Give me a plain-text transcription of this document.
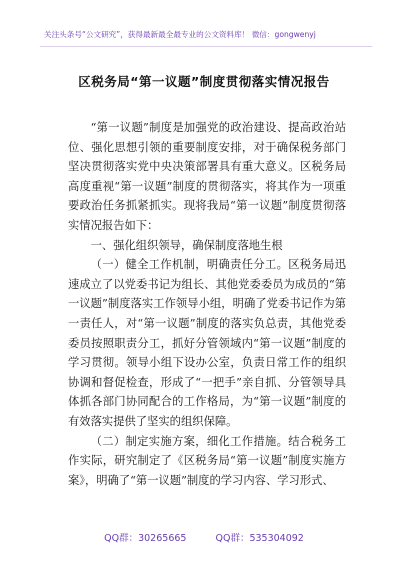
关注头条号“公文研究”，获得最新最全最专业的公文资料库！ 微信：gongwenyj
区税务局“第一议题”制度贯彻落实情况报告

“第一议题”制度是加强党的政治建设、提高政治站位、强化思想引领的重要制度安排，对于确保税务部门坚决贯彻落实党中央决策部署具有重大意义。区税务局高度重视“第一议题”制度的贯彻落实，将其作为一项重要政治任务抓紧抓实。现将我局“第一议题”制度贯彻落实情况报告如下：

一、强化组织领导，确保制度落地生根

（一）健全工作机制，明确责任分工。区税务局迅速成立了以党委书记为组长、其他党委委员为成员的“第一议题”制度落实工作领导小组，明确了党委书记作为第一责任人，对“第一议题”制度的落实负总责，其他党委委员按照职责分工，抓好分管领域内“第一议题”制度的学习贯彻。领导小组下设办公室，负责日常工作的组织协调和督促检查，形成了“一把手”亲自抓、分管领导具体抓各部门协同配合的工作格局，为“第一议题”制度的有效落实提供了坚实的组织保障。

（二）制定实施方案，细化工作措施。结合税务工作实际，研究制定了《区税务局“第一议题”制度实施方案》，明确了“第一议题”制度的学习内容、学习形式、

QQ群：30265665	QQ群：535304092
